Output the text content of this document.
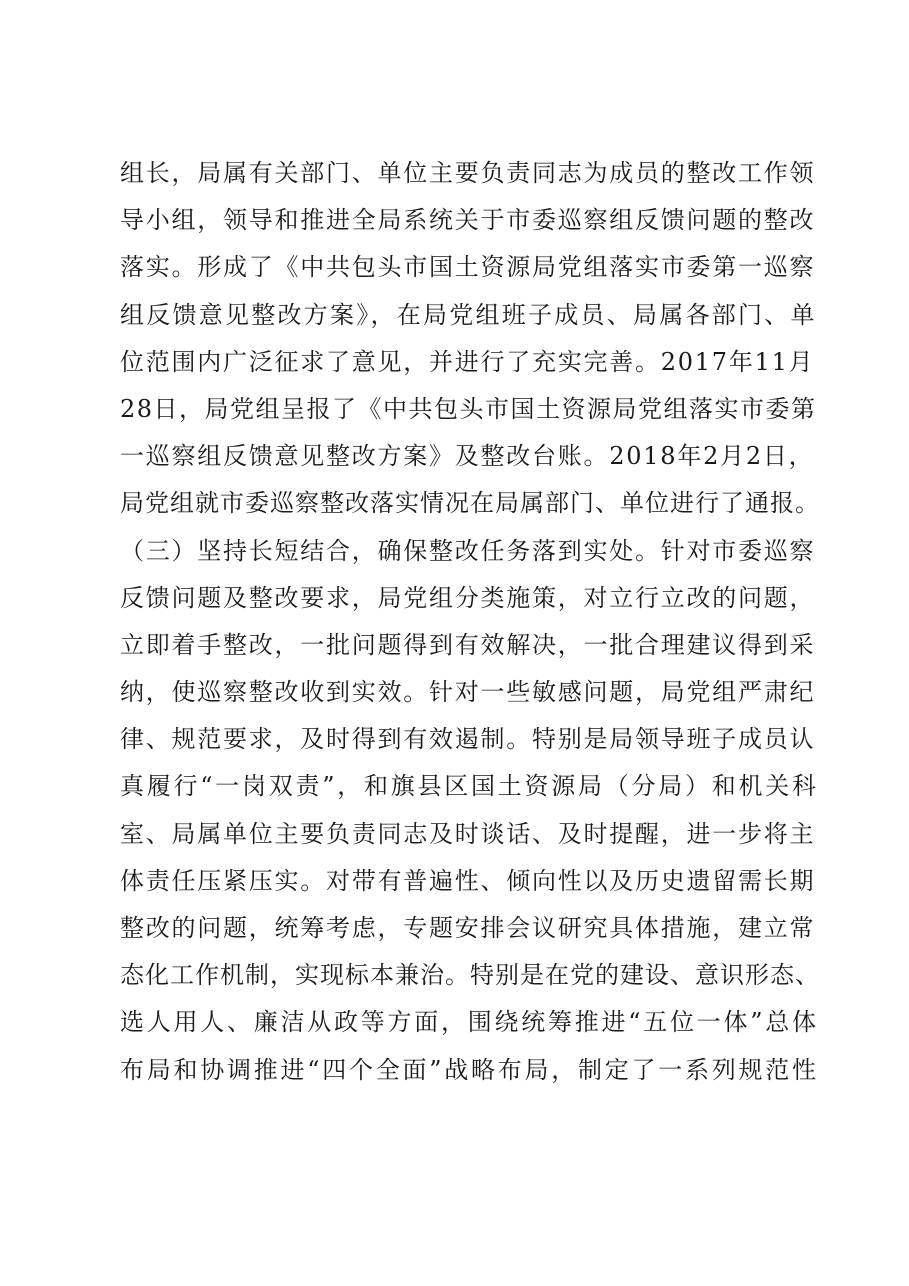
组长，局属有关部门、单位主要负责同志为成员的整改工作领
导小组，领导和推进全局系统关于市委巡察组反馈问题的整改
落实。形成了《中共包头市国土资源局党组落实市委第一巡察
组反馈意见整改方案》，在局党组班子成员、局属各部门、单
位范围内广泛征求了意见，并进行了充实完善。2017年11月
28日，局党组呈报了《中共包头市国土资源局党组落实市委第
一巡察组反馈意见整改方案》及整改台账。2018年2月2日，
局党组就市委巡察整改落实情况在局属部门、单位进行了通报。
（三）坚持长短结合，确保整改任务落到实处。针对市委巡察
反馈问题及整改要求，局党组分类施策，对立行立改的问题，
立即着手整改，一批问题得到有效解决，一批合理建议得到采
纳，使巡察整改收到实效。针对一些敏感问题，局党组严肃纪
律、规范要求，及时得到有效遏制。特别是局领导班子成员认
真履行“一岗双责”，和旗县区国土资源局（分局）和机关科
室、局属单位主要负责同志及时谈话、及时提醒，进一步将主
体责任压紧压实。对带有普遍性、倾向性以及历史遗留需长期
整改的问题，统筹考虑，专题安排会议研究具体措施，建立常
态化工作机制，实现标本兼治。特别是在党的建设、意识形态、
选人用人、廉洁从政等方面，围绕统筹推进“五位一体”总体
布局和协调推进“四个全面”战略布局，制定了一系列规范性
